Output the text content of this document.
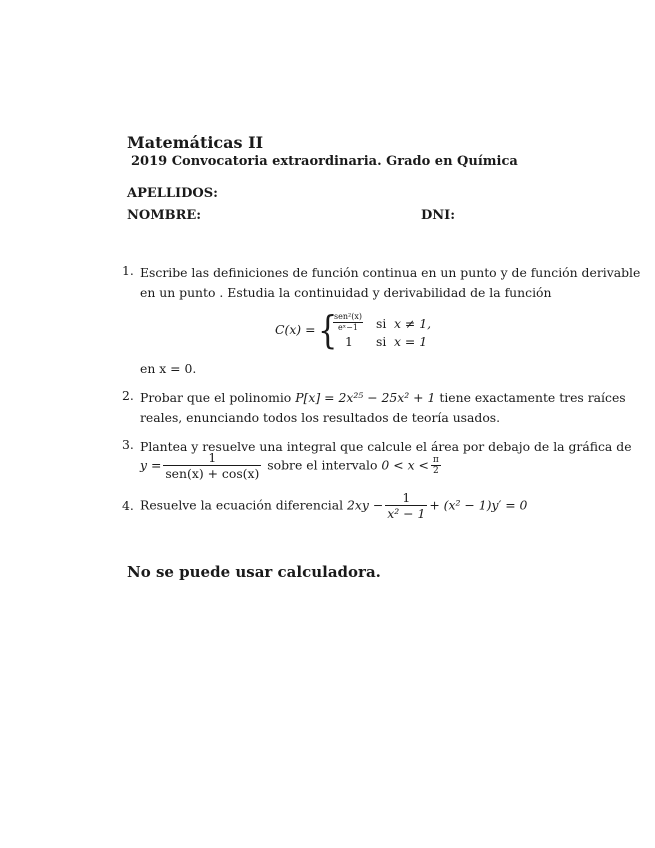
Matemáticas II
2019 Convocatoria extraordinaria. Grado en Química
APELLIDOS:
NOMBRE:	DNI:
1. Escribe las definiciones de función continua en un punto y de función derivable
en un punto . Estudia la continuidad y derivabilidad de la función
C(x) = {
sen²(x)
eˣ−1	si x ≠ 1,
1 si x = 1
en x = 0.
2. Probar que el polinomio P[x] = 2x²⁵ − 25x² + 1 tiene exactamente tres raíces
reales, enunciando todos los resultados de teoría usados.
3. Plantea y resuelve una integral que calcule el área por debajo de la gráfica de
$y = \frac{1}{\text{sen(x) + cos(x)}}$ sobre el intervalo $0 < x < \frac{\pi}{2}$
4. Resuelve la ecuación diferencial $2xy - \frac{1}{\text{x² − 1}} + (x^2 - 1)y' = 0$
No se puede usar calculadora.
